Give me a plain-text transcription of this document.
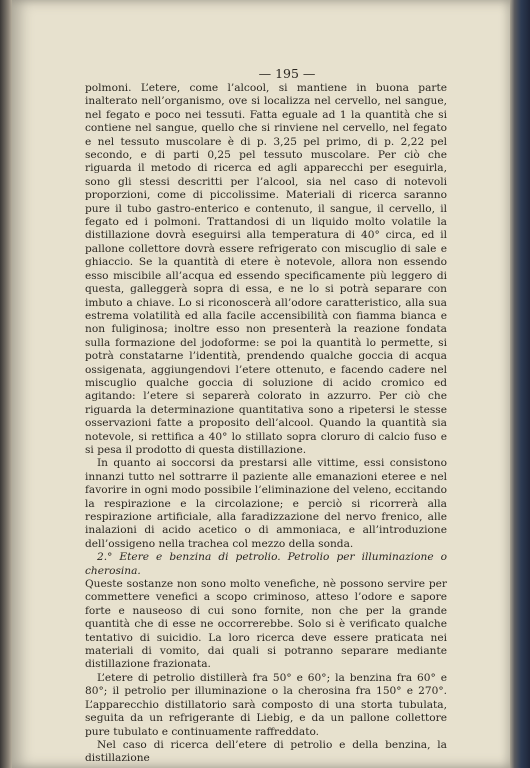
— 195 —

polmoni. L’etere, come l’alcool, si mantiene in buona parte inalterato nell’organismo, ove si localizza nel cervello, nel sangue, nel fegato e poco nei tessuti. Fatta eguale ad 1 la quantità che si contiene nel sangue, quello che si rinviene nel cervello, nel fegato e nel tessuto muscolare è di p. 3,25 pel primo, di p. 2,22 pel secondo, e di parti 0,25 pel tessuto muscolare. Per ciò che riguarda il metodo di ricerca ed agli apparecchi per eseguirla, sono gli stessi descritti per l’alcool, sia nel caso di notevoli proporzioni, come di piccolissime. Materiali di ricerca saranno pure il tubo gastro-enterico e contenuto, il sangue, il cervello, il fegato ed i polmoni. Trattandosi di un liquido molto volatile la distillazione dovrà eseguirsi alla temperatura di 40° circa, ed il pallone collettore dovrà essere refrigerato con miscuglio di sale e ghiaccio. Se la quantità di etere è notevole, allora non essendo esso miscibile all’acqua ed essendo specificamente più leggero di questa, galleggerà sopra di essa, e ne lo si potrà separare con imbuto a chiave. Lo si riconoscerà all’odore caratteristico, alla sua estrema volatilità ed alla facile accensibilità con fiamma bianca e non fuliginosa; inoltre esso non presenterà la reazione fondata sulla formazione del jodoforme: se poi la quantità lo permette, si potrà constatarne l’identità, prendendo qualche goccia di acqua ossigenata, aggiungendovi l’etere ottenuto, e facendo cadere nel miscuglio qualche goccia di soluzione di acido cromico ed agitando: l’etere si separerà colorato in azzurro. Per ciò che riguarda la determinazione quantitativa sono a ripetersi le stesse osservazioni fatte a proposito dell’alcool. Quando la quantità sia notevole, si rettifica a 40° lo stillato sopra cloruro di calcio fuso e si pesa il prodotto di questa distillazione.

In quanto ai soccorsi da prestarsi alle vittime, essi consistono innanzi tutto nel sottrarre il paziente alle emanazioni eteree e nel favorire in ogni modo possibile l’eliminazione del veleno, eccitando la respirazione e la circolazione; e perciò si ricorrerà alla respirazione artificiale, alla faradizzazione del nervo frenico, alle inalazioni di acido acetico o di ammoniaca, e all’introduzione dell’ossigeno nella trachea col mezzo della sonda.

2.° Etere e benzina di petrolio. Petrolio per illuminazione o cherosina.

Queste sostanze non sono molto venefiche, nè possono servire per commettere venefici a scopo criminoso, atteso l’odore e sapore forte e nauseoso di cui sono fornite, non che per la grande quantità che di esse ne occorrerebbe. Solo si è verificato qualche tentativo di suicidio. La loro ricerca deve essere praticata nei materiali di vomito, dai quali si potranno separare mediante distillazione frazionata.

L’etere di petrolio distillerà fra 50° e 60°; la benzina fra 60° e 80°; il petrolio per illuminazione o la cherosina fra 150° e 270°. L’apparecchio distillatorio sarà composto di una storta tubulata, seguita da un refrigerante di Liebig, e da un pallone collettore pure tubulato e continuamente raffreddato.

Nel caso di ricerca dell’etere di petrolio e della benzina, la distillazione
